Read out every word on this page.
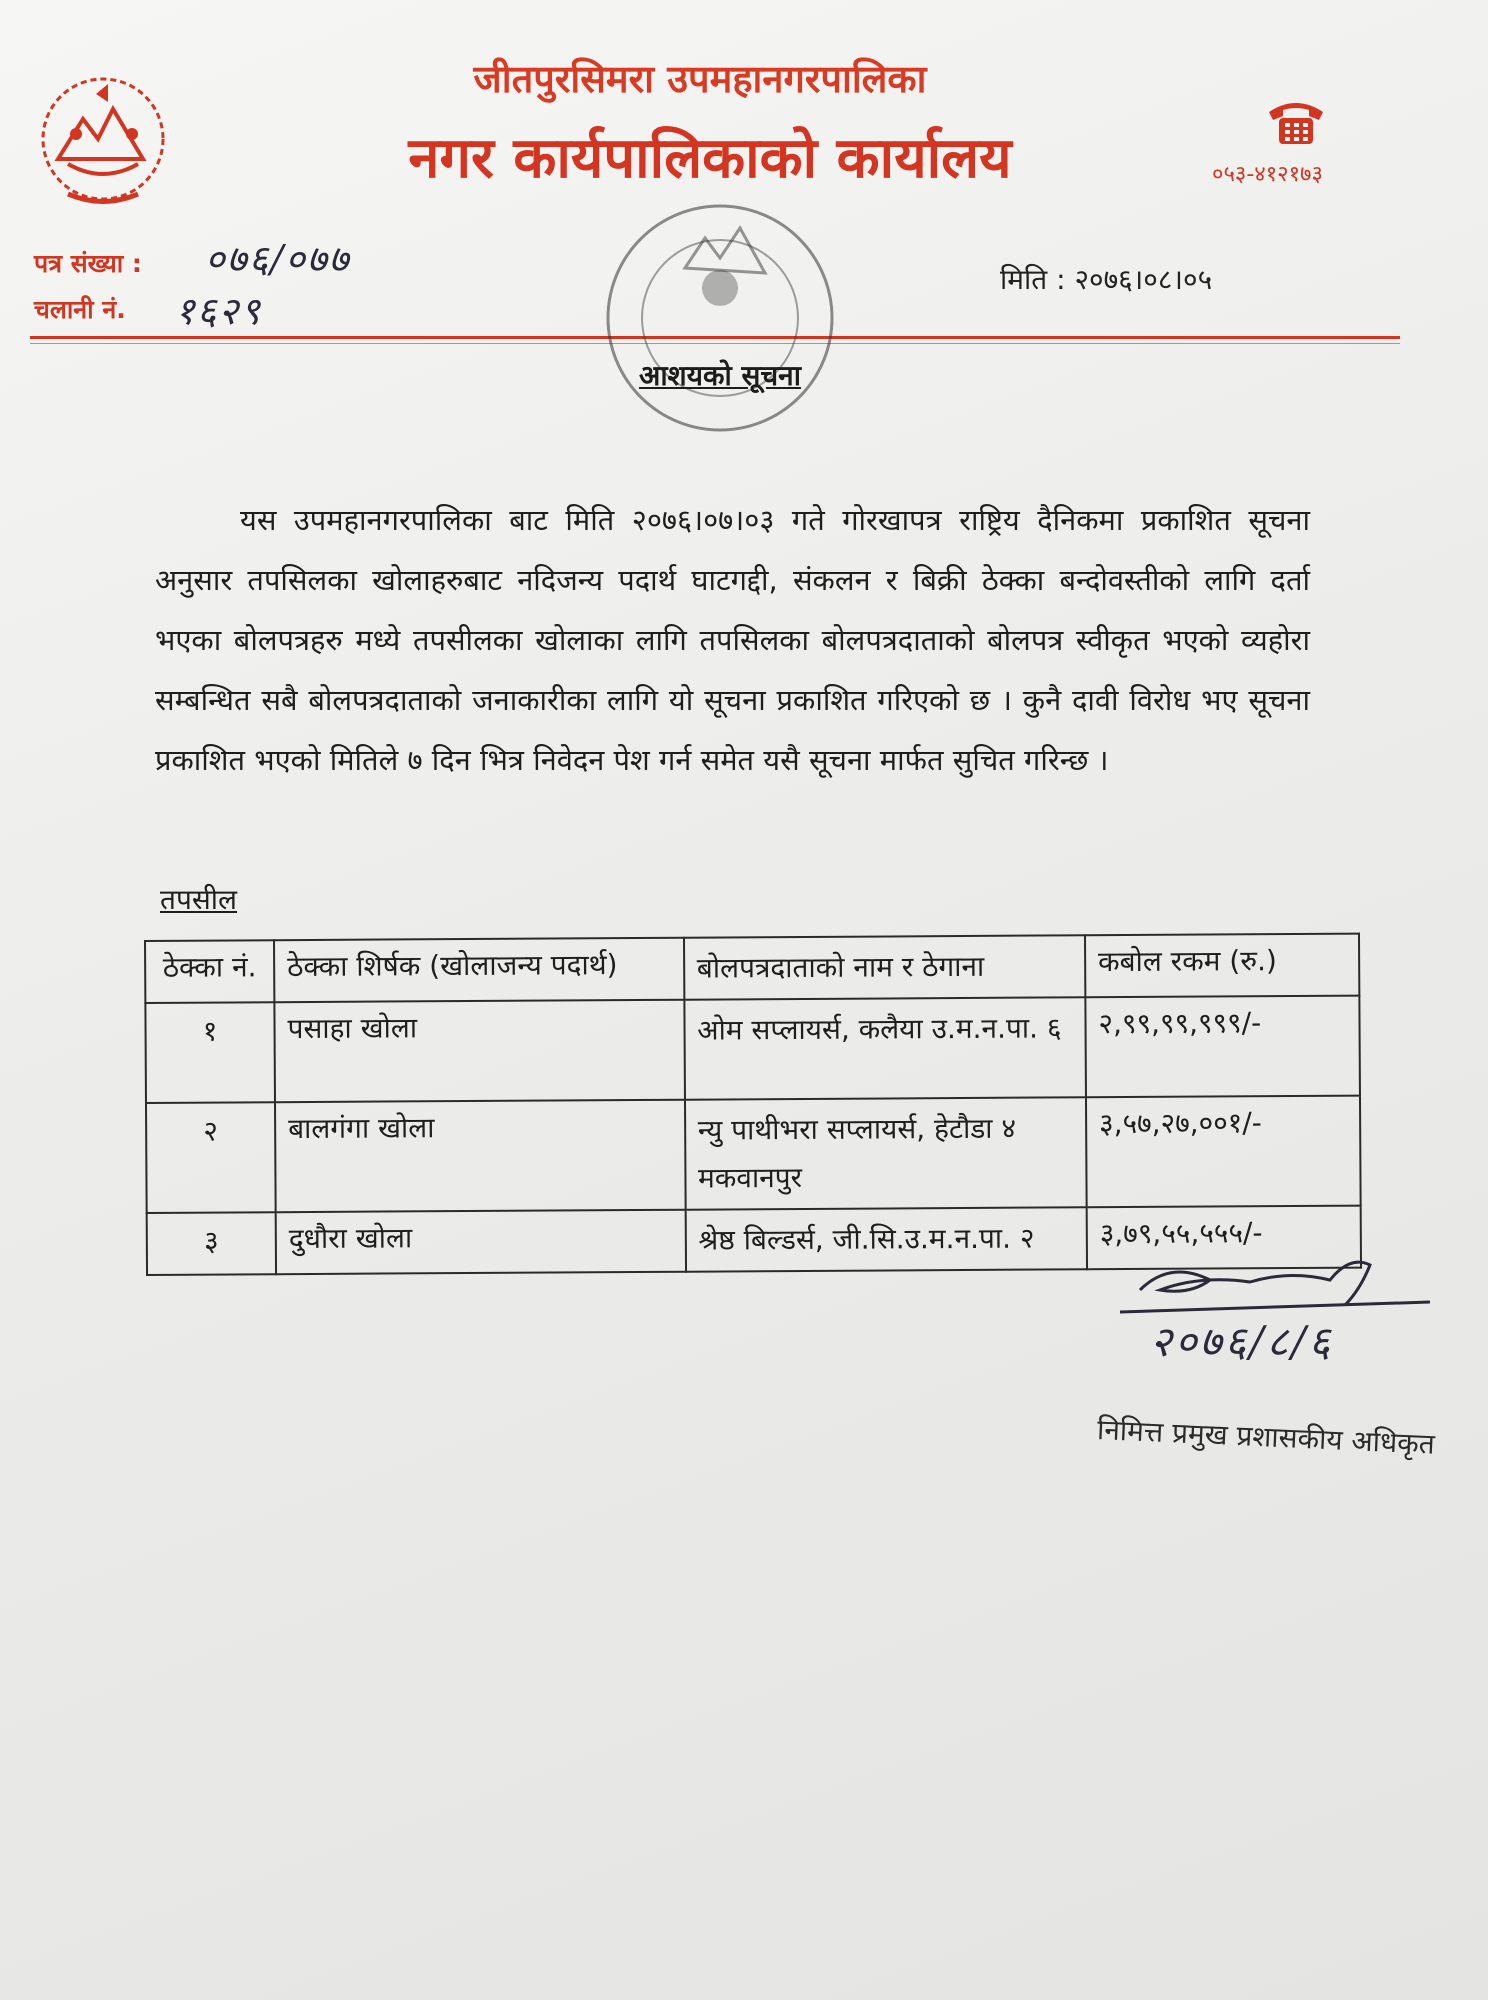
जीतपुरसिमरा उपमहानगरपालिका
नगर कार्यपालिकाको कार्यालय	०५३-४१२१७३
पत्र संख्या : ०७६/०७७
चलानी नं. १६२९
मिति : २०७६।०८।०५
आशयको सूचना
यस उपमहानगरपालिका बाट मिति २०७६।०७।०३ गते गोरखापत्र राष्ट्रिय दैनिकमा प्रकाशित सूचना अनुसार तपसिलका खोलाहरुबाट नदिजन्य पदार्थ घाटगद्दी, संकलन र बिक्री ठेक्का बन्दोवस्तीको लागि दर्ता भएका बोलपत्रहरु मध्ये तपसीलका खोलाका लागि तपसिलका बोलपत्रदाताको बोलपत्र स्वीकृत भएको व्यहोरा सम्बन्धित सबै बोलपत्रदाताको जनाकारीका लागि यो सूचना प्रकाशित गरिएको छ । कुनै दावी विरोध भए सूचना प्रकाशित भएको मितिले ७ दिन भित्र निवेदन पेश गर्न समेत यसै सूचना मार्फत सुचित गरिन्छ ।
तपसील
ठेक्का नं.	ठेक्का शिर्षक (खोलाजन्य पदार्थ)	बोलपत्रदाताको नाम र ठेगाना	कबोल रकम (रु.)
१	पसाहा खोला	ओम सप्लायर्स, कलैया उ.म.न.पा. ६	२,९९,९९,९९९/-
२	बालगंगा खोला	न्यु पाथीभरा सप्लायर्स, हेटौडा ४ मकवानपुर	३,५७,२७,००१/-
३	दुधौरा खोला	श्रेष्ठ बिल्डर्स, जी.सि.उ.म.न.पा. २	३,७९,५५,५५५/-
२०७६/८/६
निमित्त प्रमुख प्रशासकीय अधिकृत
